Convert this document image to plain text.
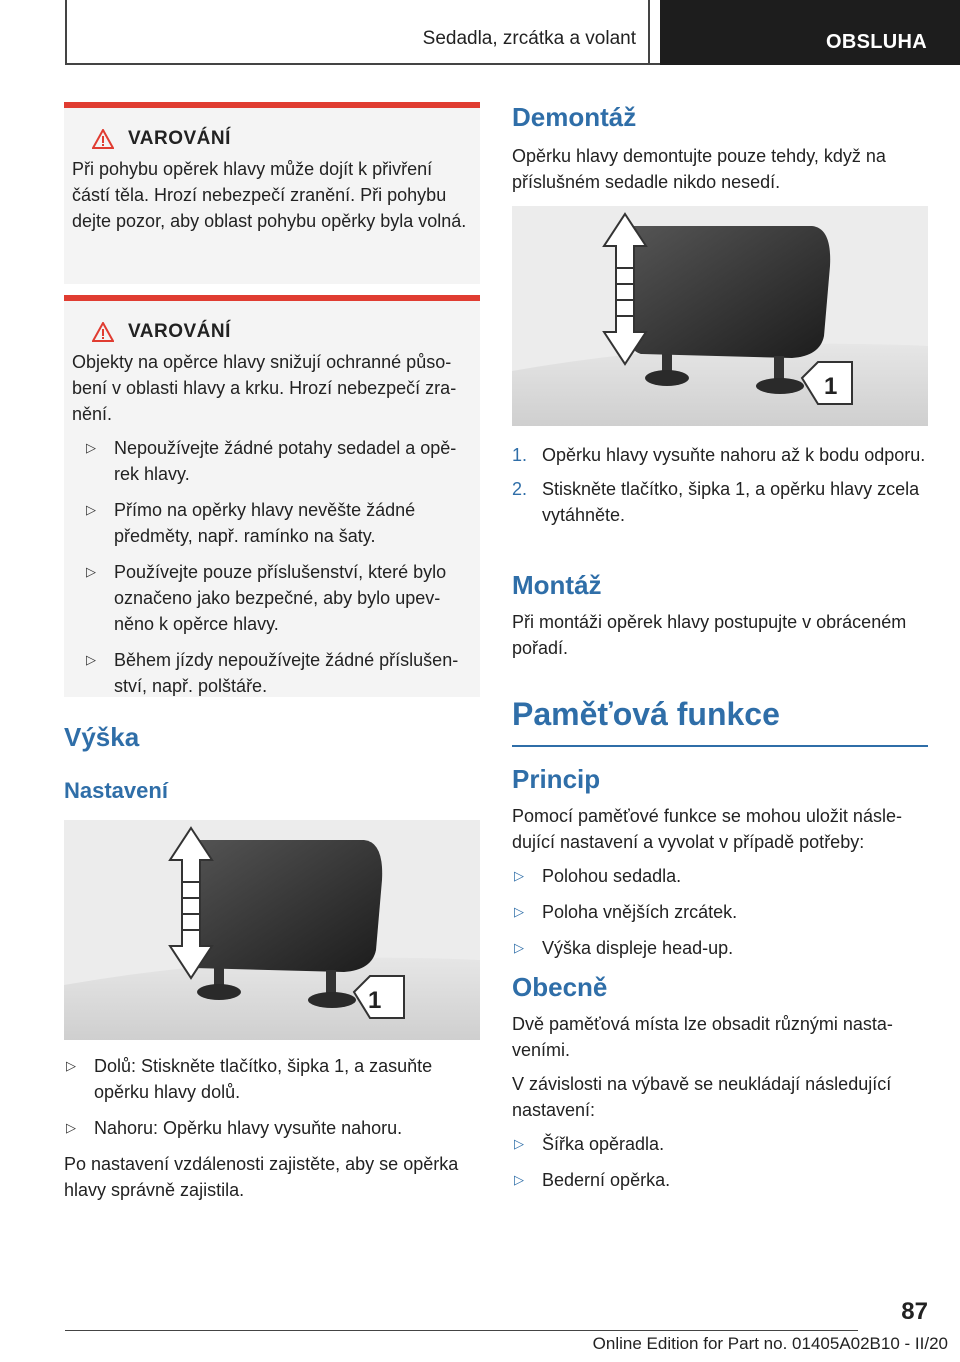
Sedadla, zrcátka a volant	OBSLUHA
VAROVÁNÍ

Při pohybu opěrek hlavy může dojít k přivření částí těla. Hrozí nebezpečí zranění. Při pohybu dejte pozor, aby oblast pohybu opěrky byla volná.

VAROVÁNÍ

Objekty na opěrce hlavy snižují ochranné působení v oblasti hlavy a krku. Hrozí nebezpečí zranění.

▷ Nepoužívejte žádné potahy sedadel a opěrek hlavy.
▷ Přímo na opěrky hlavy nevěšte žádné předměty, např. ramínko na šaty.
▷ Používejte pouze příslušenství, které bylo označeno jako bezpečné, aby bylo upevněno k opěrce hlavy.
▷ Během jízdy nepoužívejte žádné příslušenství, např. polštáře.
Výška
Nastavení
1
▷ Dolů: Stiskněte tlačítko, šipka 1, a zasuňte opěrku hlavy dolů.
▷ Nahoru: Opěrku hlavy vysuňte nahoru.

Po nastavení vzdálenosti zajistěte, aby se opěrka hlavy správně zajistila.

Demontáž

Opěrku hlavy demontujte pouze tehdy, když na příslušném sedadle nikdo nesedí.

1
1. Opěrku hlavy vysuňte nahoru až k bodu odporu.
2. Stiskněte tlačítko, šipka 1, a opěrku hlavy zcela vytáhněte.
Montáž

Při montáži opěrek hlavy postupujte v obráceném pořadí.

Paměťová funkce
Princip

Pomocí paměťové funkce se mohou uložit následující nastavení a vyvolat v případě potřeby:

▷ Polohou sedadla.
▷ Poloha vnějších zrcátek.
▷ Výška displeje head-up.
Obecně

Dvě paměťová místa lze obsadit různými nastaveními.

V závislosti na výbavě se neukládají následující nastavení:

▷ Šířka opěradla.
▷ Bederní opěrka.
87
Online Edition for Part no. 01405A02B10 - II/20
